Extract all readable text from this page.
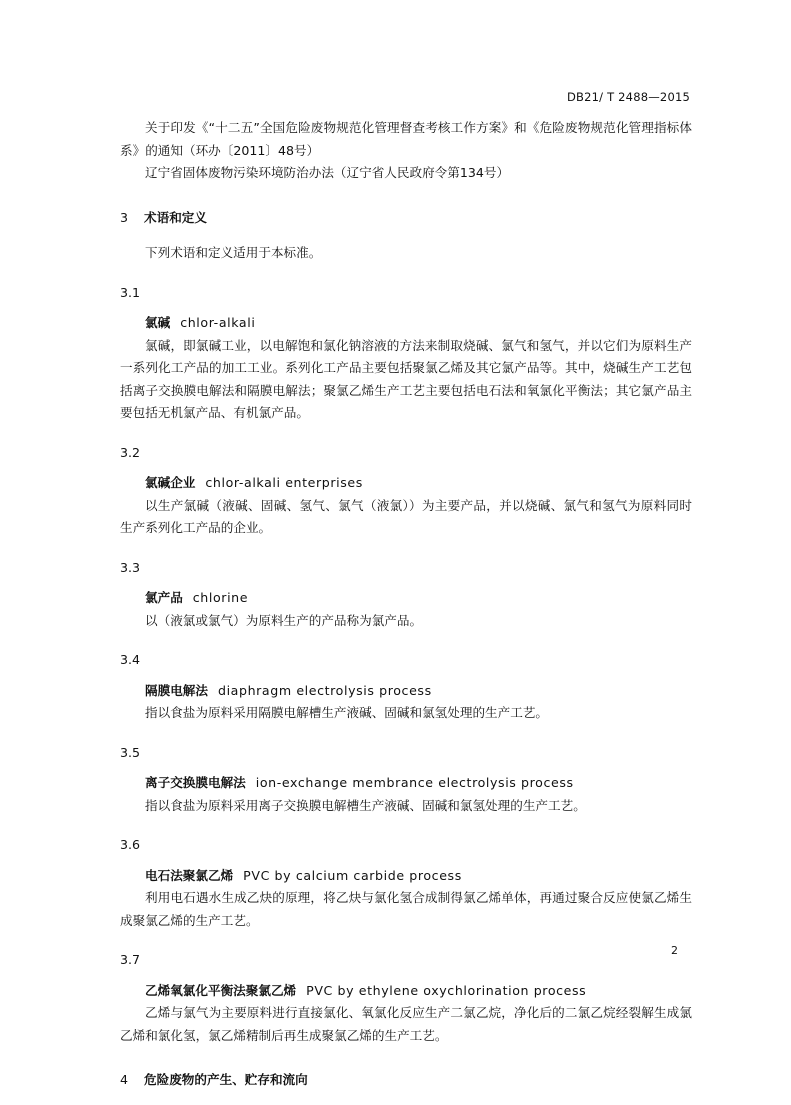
DB21/ T 2488—2015

关于印发《“十二五”全国危险废物规范化管理督查考核工作方案》和《危险废物规范化管理指标体系》的通知（环办〔2011〕48号）

辽宁省固体废物污染环境防治办法（辽宁省人民政府令第134号）

3 术语和定义

下列术语和定义适用于本标准。

3.1
氯碱 chlor-alkali

氯碱，即氯碱工业，以电解饱和氯化钠溶液的方法来制取烧碱、氯气和氢气，并以它们为原料生产一系列化工产品的加工工业。系列化工产品主要包括聚氯乙烯及其它氯产品等。其中，烧碱生产工艺包括离子交换膜电解法和隔膜电解法；聚氯乙烯生产工艺主要包括电石法和氧氯化平衡法；其它氯产品主要包括无机氯产品、有机氯产品。

3.2
氯碱企业 chlor-alkali enterprises

以生产氯碱（液碱、固碱、氢气、氯气（液氯））为主要产品，并以烧碱、氯气和氢气为原料同时生产系列化工产品的企业。

3.3
氯产品 chlorine

以（液氯或氯气）为原料生产的产品称为氯产品。

3.4
隔膜电解法 diaphragm electrolysis process

指以食盐为原料采用隔膜电解槽生产液碱、固碱和氯氢处理的生产工艺。

3.5
离子交换膜电解法 ion-exchange membrance electrolysis process

指以食盐为原料采用离子交换膜电解槽生产液碱、固碱和氯氢处理的生产工艺。

3.6
电石法聚氯乙烯 PVC by calcium carbide process

利用电石遇水生成乙炔的原理，将乙炔与氯化氢合成制得氯乙烯单体，再通过聚合反应使氯乙烯生成聚氯乙烯的生产工艺。

3.7
乙烯氧氯化平衡法聚氯乙烯 PVC by ethylene oxychlorination process

乙烯与氯气为主要原料进行直接氯化、氧氯化反应生产二氯乙烷，净化后的二氯乙烷经裂解生成氯乙烯和氯化氢，氯乙烯精制后再生成聚氯乙烯的生产工艺。

4 危险废物的产生、贮存和流向
2
